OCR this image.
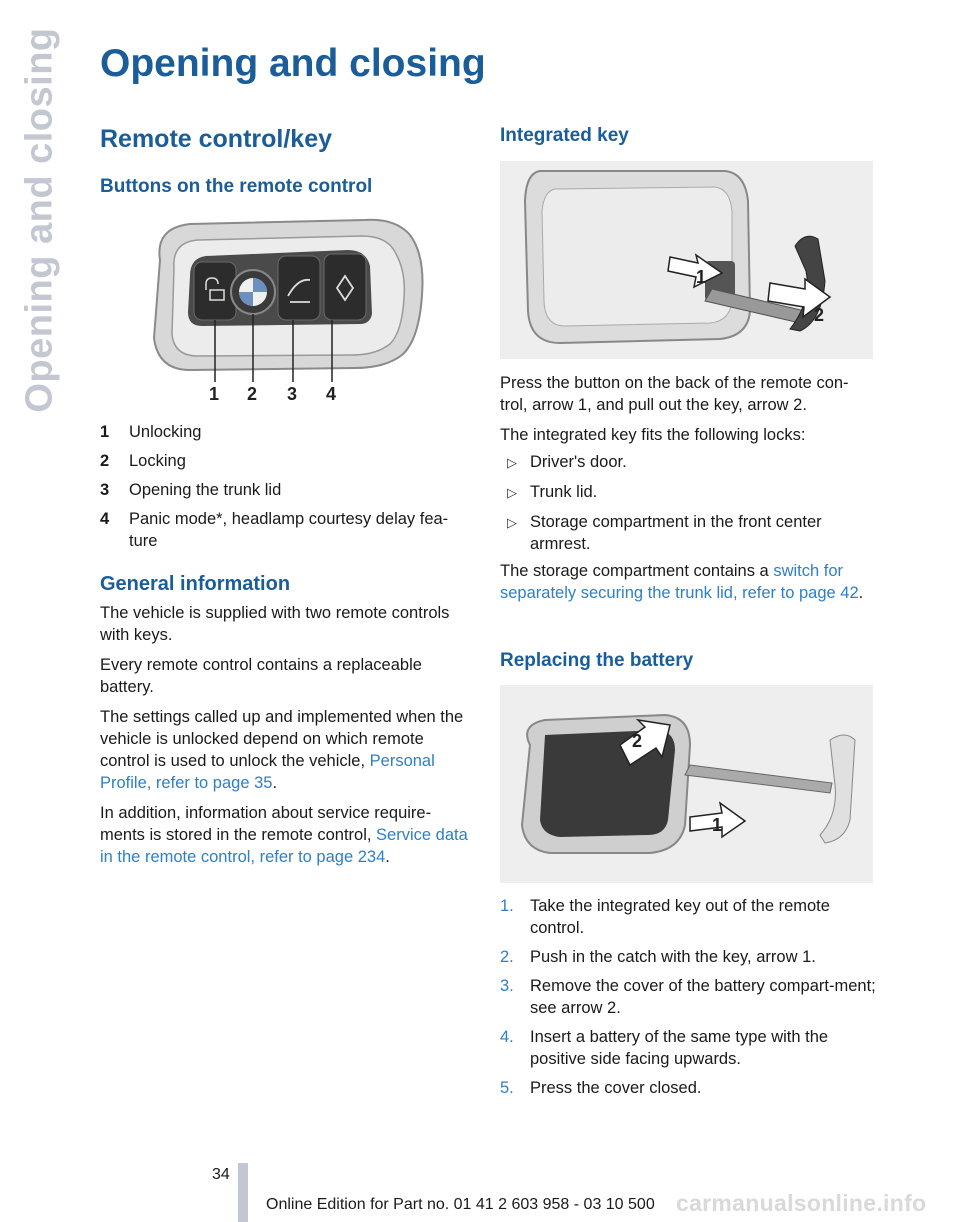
Opening and closing Opening and closing
Remote control/key
Buttons on the remote control
1 2 3 4
1	Unlocking
2	Locking
3	Opening the trunk lid
4	Panic mode*, headlamp courtesy delay fea‐ture
General information
The vehicle is supplied with two remote controls with keys.
Every remote control contains a replaceable battery.
The settings called up and implemented when the vehicle is unlocked depend on which remote control is used to unlock the vehicle, Personal Profile, refer to page 35.
In addition, information about service require‐ments is stored in the remote control, Service data in the remote control, refer to page 234.
Integrated key
1
2
Press the button on the back of the remote con‐trol, arrow 1, and pull out the key, arrow 2.
The integrated key fits the following locks:
▷ Driver's door.
▷ Trunk lid.
▷ Storage compartment in the front center armrest.
The storage compartment contains a switch for separately securing the trunk lid, refer to page 42.
Replacing the battery
2
1
1. Take the integrated key out of the remote control.
2. Push in the catch with the key, arrow 1.
3. Remove the cover of the battery compart‐ment; see arrow 2.
4. Insert a battery of the same type with the positive side facing upwards.
5. Press the cover closed.
34
Online Edition for Part no. 01 41 2 603 958 - 03 10 500 carmanualsonline.info
